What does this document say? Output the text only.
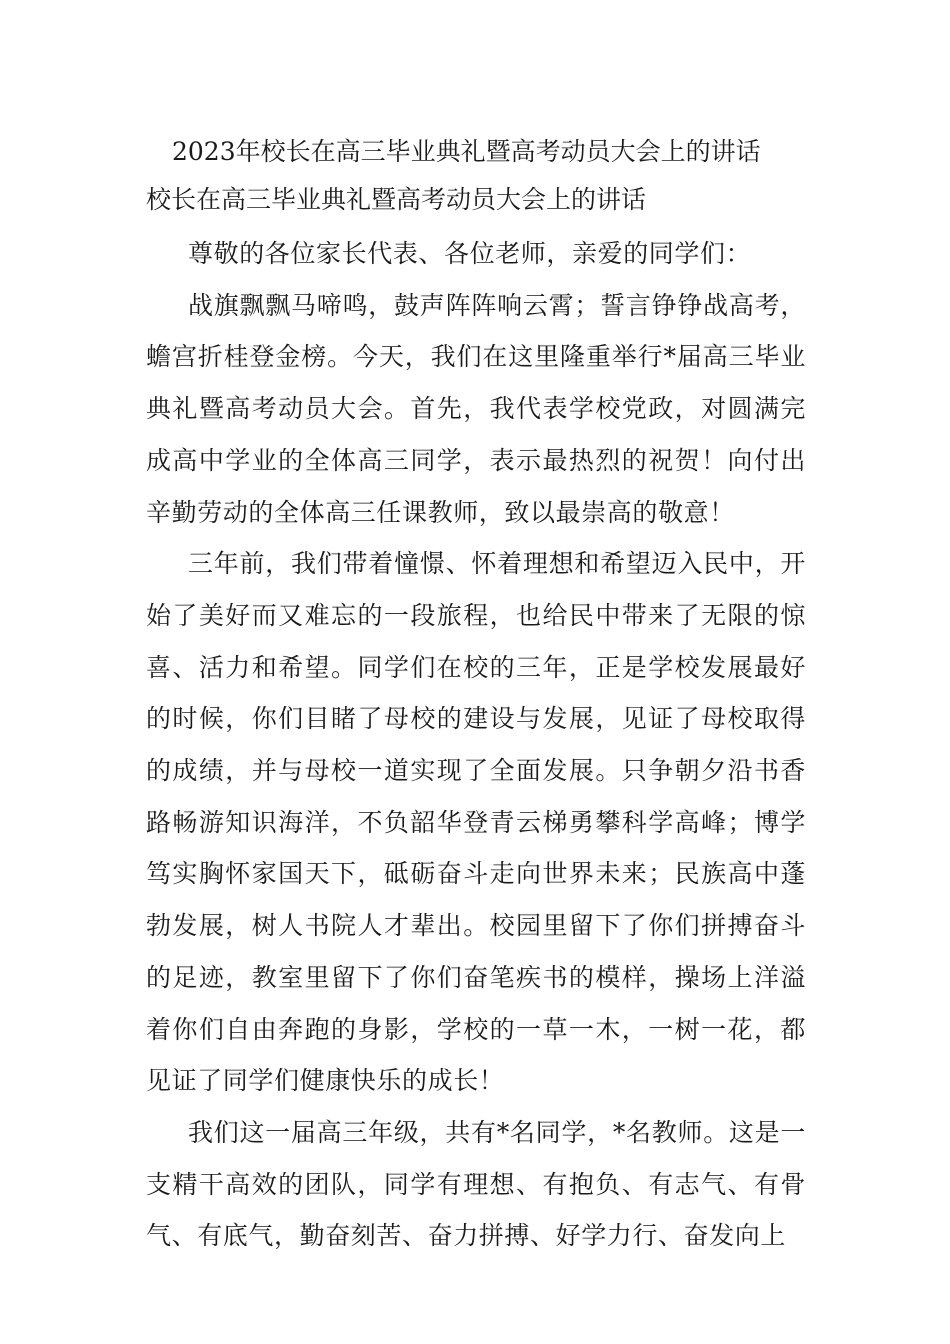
2023年校长在高三毕业典礼暨高考动员大会上的讲话
校长在高三毕业典礼暨高考动员大会上的讲话

尊敬的各位家长代表、各位老师，亲爱的同学们：

战旗飘飘马啼鸣，鼓声阵阵响云霄；誓言铮铮战高考，蟾宫折桂登金榜。今天，我们在这里隆重举行*届高三毕业典礼暨高考动员大会。首先，我代表学校党政，对圆满完成高中学业的全体高三同学，表示最热烈的祝贺！向付出辛勤劳动的全体高三任课教师，致以最崇高的敬意！

三年前，我们带着憧憬、怀着理想和希望迈入民中，开始了美好而又难忘的一段旅程，也给民中带来了无限的惊喜、活力和希望。同学们在校的三年，正是学校发展最好的时候，你们目睹了母校的建设与发展，见证了母校取得的成绩，并与母校一道实现了全面发展。只争朝夕沿书香路畅游知识海洋，不负韶华登青云梯勇攀科学高峰；博学笃实胸怀家国天下，砥砺奋斗走向世界未来；民族高中蓬勃发展，树人书院人才辈出。校园里留下了你们拼搏奋斗的足迹，教室里留下了你们奋笔疾书的模样，操场上洋溢着你们自由奔跑的身影，学校的一草一木，一树一花，都见证了同学们健康快乐的成长！

我们这一届高三年级，共有*名同学，*名教师。这是一支精干高效的团队，同学有理想、有抱负、有志气、有骨气、有底气，勤奋刻苦、奋力拼搏、好学力行、奋发向上
